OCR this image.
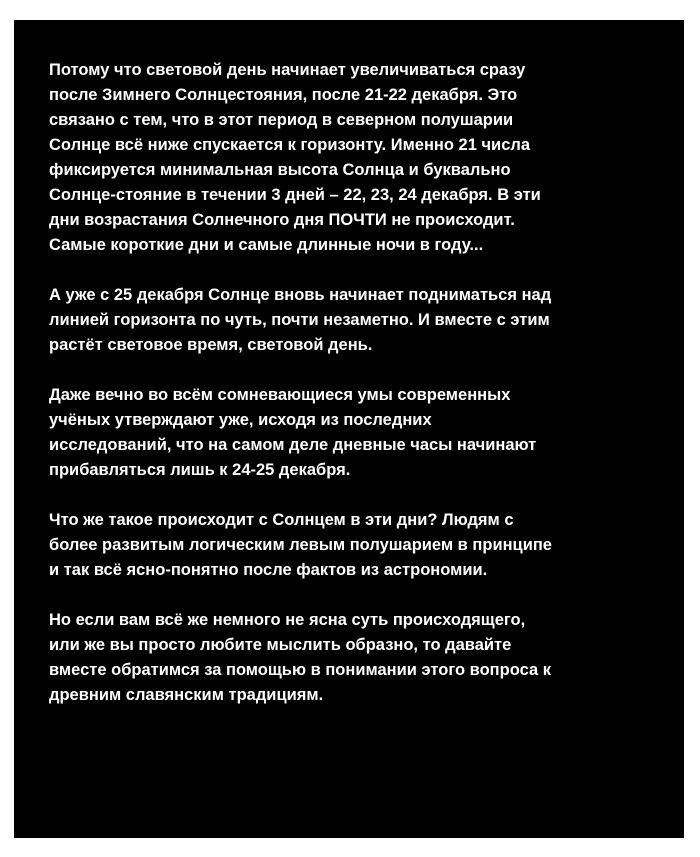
Потому что световой день начинает увеличиваться сразу
после Зимнего Солнцестояния, после 21-22 декабря. Это
связано с тем, что в этот период в северном полушарии
Солнце всё ниже спускается к горизонту. Именно 21 числа
фиксируется минимальная высота Солнца и буквально
Солнце-стояние в течении 3 дней – 22, 23, 24 декабря. В эти
дни возрастания Солнечного дня ПОЧТИ не происходит.
Самые короткие дни и самые длинные ночи в году...

А уже с 25 декабря Солнце вновь начинает подниматься над
линией горизонта по чуть, почти незаметно. И вместе с этим
растёт световое время, световой день.

Даже вечно во всём сомневающиеся умы современных
учёных утверждают уже, исходя из последних
исследований, что на самом деле дневные часы начинают
прибавляться лишь к 24-25 декабря.

Что же такое происходит с Солнцем в эти дни? Людям с
более развитым логическим левым полушарием в принципе
и так всё ясно-понятно после фактов из астрономии.

Но если вам всё же немного не ясна суть происходящего,
или же вы просто любите мыслить образно, то давайте
вместе обратимся за помощью в понимании этого вопроса к
древним славянским традициям.
